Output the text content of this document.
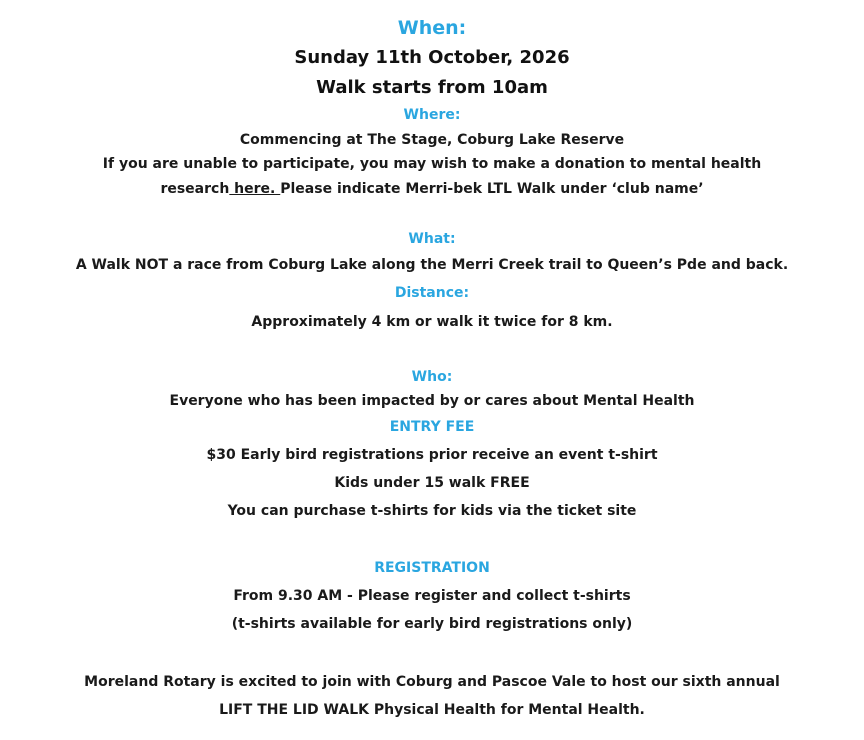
When:
Sunday 11th October, 2026
Walk starts from 10am
Where:
Commencing at The Stage, Coburg Lake Reserve
If you are unable to participate, you may wish to make a donation to mental health
research here. Please indicate Merri-bek LTL Walk under ‘club name’
What:
A Walk NOT a race from Coburg Lake along the Merri Creek trail to Queen’s Pde and back.
Distance:
Approximately 4 km or walk it twice for 8 km.
Who:
Everyone who has been impacted by or cares about Mental Health
ENTRY FEE
$30 Early bird registrations prior receive an event t-shirt
Kids under 15 walk FREE
You can purchase t-shirts for kids via the ticket site
REGISTRATION
From 9.30 AM - Please register and collect t-shirts
(t-shirts available for early bird registrations only)
Moreland Rotary is excited to join with Coburg and Pascoe Vale to host our sixth annual
LIFT THE LID WALK Physical Health for Mental Health.
